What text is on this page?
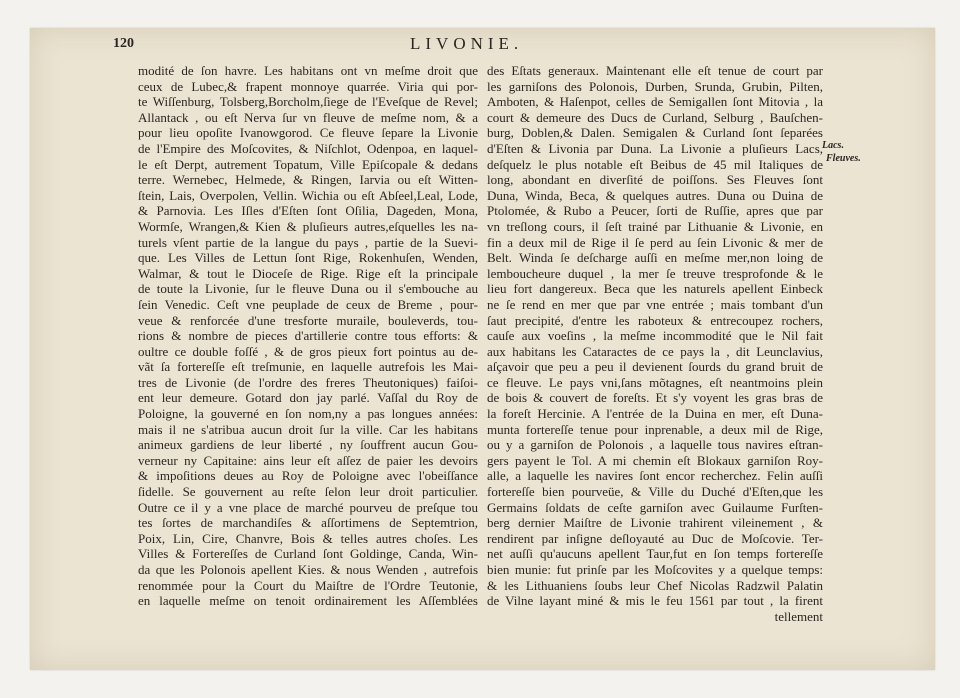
120	LIVONIE.
modité de ſon havre. Les habitans ont vn meſme droit que
ceux de Lubec,& frapent monnoye quarrée. Viria qui por-
te Wiſſenburg, Tolsberg,Borcholm,ſiege de l'Eveſque de Revel;
Allantack , ou eſt Nerva ſur vn fleuve de meſme nom, & a
pour lieu opoſite Ivanowgorod. Ce fleuve ſepare la Livonie
de l'Empire des Moſcovites, & Niſchlot, Odenpoa, en laquel-
le eſt Derpt, autrement Topatum, Ville Epiſcopale & dedans
terre. Wernebec, Helmede, & Ringen, Iarvia ou eſt Witten-
ſtein, Lais, Overpolen, Vellin. Wichia ou eſt Abſeel,Leal, Lode,
& Parnovia. Les Iſles d'Eſten ſont Oſilia, Dageden, Mona,
Wormſe, Wrangen,& Kien & pluſieurs autres,eſquelles les na-
turels vſent partie de la langue du pays , partie de la Suevi-
que. Les Villes de Lettun ſont Rige, Rokenhuſen, Wenden,
Walmar, & tout le Dioceſe de Rige. Rige eſt la principale
de toute la Livonie, ſur le fleuve Duna ou il s'embouche au
ſein Venedic. Ceſt vne peuplade de ceux de Breme , pour-
veue & renforcée d'une tresforte muraile, bouleverds, tou-
rions & nombre de pieces d'artillerie contre tous efforts: &
oultre ce double foſſé , & de gros pieux fort pointus au de-
vãt ſa fortereſſe eſt treſmunie, en laquelle autrefois les Mai-
tres de Livonie (de l'ordre des freres Theutoniques) faiſoi-
ent leur demeure. Gotard don jay parlé. Vaſſal du Roy de
Poloigne, la gouverné en ſon nom,ny a pas longues années:
mais il ne s'atribua aucun droit ſur la ville. Car les habitans
animeux gardiens de leur liberté , ny ſouffrent aucun Gou-
verneur ny Capitaine: ains leur eſt aſſez de paier les devoirs
& impoſitions deues au Roy de Poloigne avec l'obeiſſance
ſidelle. Se gouvernent au reſte ſelon leur droit particulier.
Outre ce il y a vne place de marché pourveu de preſque tou
tes ſortes de marchandiſes & aſſortimens de Septemtrion,
Poix, Lin, Cire, Chanvre, Bois & telles autres choſes. Les
Villes & Fortereſſes de Curland ſont Goldinge, Canda, Win-
da que les Polonois apellent Kies. & nous Wenden , autrefois
renommée pour la Court du Maiſtre de l'Ordre Teutonie,
en laquelle meſme on tenoit ordinairement les Aſſemblées
des Eſtats generaux. Maintenant elle eſt tenue de court par
les garniſons des Polonois, Durben, Srunda, Grubin, Pilten,
Amboten, & Haſenpot, celles de Semigallen ſont Mitovia , la
court & demeure des Ducs de Curland, Selburg , Bauſchen-
burg, Doblen,& Dalen. Semigalen & Curland ſont ſeparées
d'Eſten & Livonia par Duna. La Livonie a pluſieurs Lacs,
deſquelz le plus notable eſt Beibus de 45 mil Italiques de
long, abondant en diverſité de poiſſons. Ses Fleuves ſont
Duna, Winda, Beca, & quelques autres. Duna ou Duina de
Ptolomée, & Rubo a Peucer, ſorti de Ruſſie, apres que par
vn treſlong cours, il ſeſt trainé par Lithuanie & Livonie, en
fin a deux mil de Rige il ſe perd au ſein Livonic & mer de
Belt. Winda ſe deſcharge auſſi en meſme mer,non loing de
lemboucheure duquel , la mer ſe treuve tresprofonde & le
lieu fort dangereux. Beca que les naturels apellent Einbeck
ne ſe rend en mer que par vne entrée ; mais tombant d'un
ſaut precipité, d'entre les raboteux & entrecoupez rochers,
cauſe aux voeſins , la meſme incommodité que le Nil fait
aux habitans les Cataractes de ce pays la , dit Leunclavius,
aſçavoir que peu a peu il devienent ſourds du grand bruit de
ce fleuve. Le pays vni,ſans mõtagnes, eſt neantmoins plein
de bois & couvert de foreſts. Et s'y voyent les gras bras de
la foreſt Hercinie. A l'entrée de la Duina en mer, eſt Duna-
munta fortereſſe tenue pour inprenable, a deux mil de Rige,
ou y a garniſon de Polonois , a laquelle tous navires eſtran-
gers payent le Tol. A mi chemin eſt Blokaux garniſon Roy-
alle, a laquelle les navires ſont encor recherchez. Felin auſſi
fortereſſe bien pourveüe, & Ville du Duché d'Eſten,que les
Germains ſoldats de ceſte garniſon avec Guilaume Furſten-
berg dernier Maiſtre de Livonie trahirent vileinement , &
rendirent par inſigne deſloyauté au Duc de Moſcovie. Ter-
net auſſi qu'aucuns apellent Taur,fut en ſon temps fortereſſe
bien munie: fut prinſe par les Moſcovites y a quelque temps:
& les Lithuaniens ſoubs leur Chef Nicolas Radzwil Palatin
de Vilne layant miné & mis le feu 1561 par tout , la firent
tellement
Lacs.
Fleuves.
